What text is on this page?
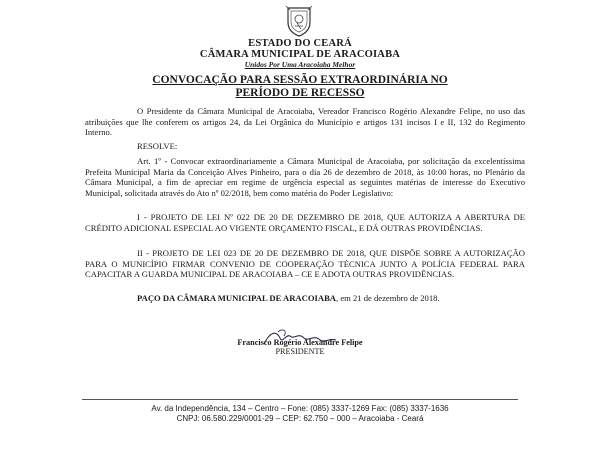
ESTADO DO CEARÁ
CÂMARA MUNICIPAL DE ARACOIABA
Unidos Por Uma Aracoiaba Melhor
CONVOCAÇÃO PARA SESSÃO EXTRAORDINÁRIA NO
PERÍODO DE RECESSO
O Presidente da Câmara Municipal de Aracoiaba, Vereador Francisco Rogério Alexandre Felipe, no uso das atribuições que lhe conferem os artigos 24, da Lei Orgânica do Município e artigos 131 incisos I e II, 132 do Regimento Interno.
RESOLVE:
Art. 1º - Convocar extraordinariamente a Câmara Municipal de Aracoiaba, por solicitação da excelentíssima Prefeita Municipal Maria da Conceição Alves Pinheiro, para o dia 26 de dezembro de 2018, às 10:00 horas, no Plenário da Câmara Municipal, a fim de apreciar em regime de urgência especial as seguintes matérias de interesse do Executivo Municipal, solicitada através do Ato nº 02/2018, bem como matéria do Poder Legislativo:
I - PROJETO DE LEI Nº 022 DE 20 DE DEZEMBRO DE 2018, QUE AUTORIZA A ABERTURA DE CRÉDITO ADICIONAL ESPECIAL AO VIGENTE ORÇAMENTO FISCAL, E DÁ OUTRAS PROVIDÊNCIAS.
II - PROJETO DE LEI 023 DE 20 DE DEZEMBRO DE 2018, QUE DISPÕE SOBRE A AUTORIZAÇÃO PARA O MUNICÍPIO FIRMAR CONVENIO DE COOPERAÇÃO TÉCNICA JUNTO A POLÍCIA FEDERAL PARA CAPACITAR A GUARDA MUNICIPAL DE ARACOIABA – CE E ADOTA OUTRAS PROVIDÊNCIAS.
PAÇO DA CÂMARA MUNICIPAL DE ARACOIABA, em 21 de dezembro de 2018.
Francisco Rogério Alexandre Felipe
PRESIDENTE
Av. da Independência, 134 – Centro – Fone: (085) 3337-1269 Fax: (085) 3337-1636
CNPJ: 06.580.229/0001-29 – CEP: 62.750 – 000 – Aracoiaba - Ceará
